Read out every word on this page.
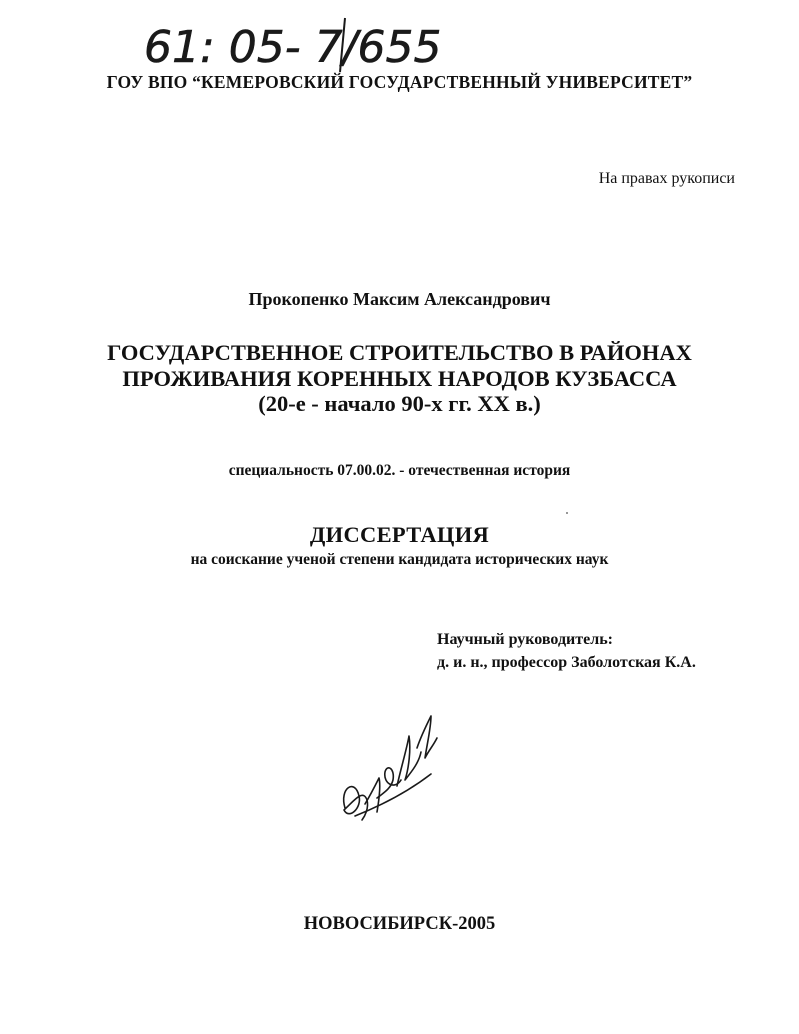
61: 05- 7/655
ГОУ ВПО “КЕМЕРОВСКИЙ ГОСУДАРСТВЕННЫЙ УНИВЕРСИТЕТ”
На правах рукописи
Прокопенко Максим Александрович
ГОСУДАРСТВЕННОЕ СТРОИТЕЛЬСТВО В РАЙОНАХ
ПРОЖИВАНИЯ КОРЕННЫХ НАРОДОВ КУЗБАССА
(20-е - начало 90-х гг. XX в.)
специальность 07.00.02. - отечественная история
ДИССЕРТАЦИЯ
на соискание ученой степени кандидата исторических наук
Научный руководитель:
д. и. н., профессор Заболотская К.А.
НОВОСИБИРСК-2005
